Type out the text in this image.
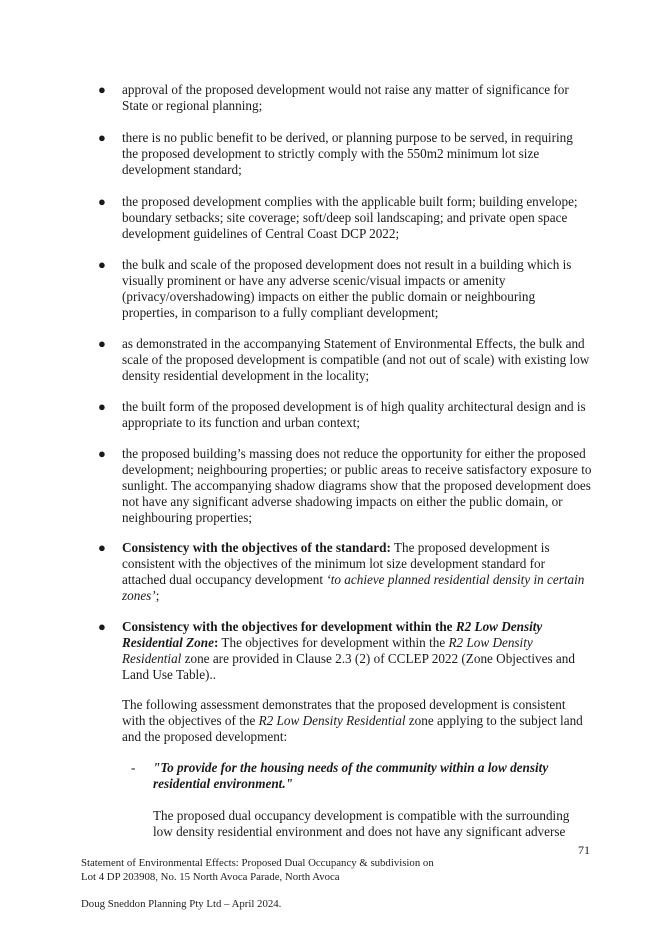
● approval of the proposed development would not raise any matter of significance for State or regional planning;
● there is no public benefit to be derived, or planning purpose to be served, in requiring the proposed development to strictly comply with the 550m2 minimum lot size development standard;
● the proposed development complies with the applicable built form; building envelope; boundary setbacks; site coverage; soft/deep soil landscaping; and private open space development guidelines of Central Coast DCP 2022;
● the bulk and scale of the proposed development does not result in a building which is visually prominent or have any adverse scenic/visual impacts or amenity (privacy/overshadowing) impacts on either the public domain or neighbouring properties, in comparison to a fully compliant development;
● as demonstrated in the accompanying Statement of Environmental Effects, the bulk and scale of the proposed development is compatible (and not out of scale) with existing low density residential development in the locality;
● the built form of the proposed development is of high quality architectural design and is appropriate to its function and urban context;
● the proposed building’s massing does not reduce the opportunity for either the proposed development; neighbouring properties; or public areas to receive satisfactory exposure to sunlight. The accompanying shadow diagrams show that the proposed development does not have any significant adverse shadowing impacts on either the public domain, or neighbouring properties;
● Consistency with the objectives of the standard: The proposed development is consistent with the objectives of the minimum lot size development standard for attached dual occupancy development ‘to achieve planned residential density in certain zones’;
● Consistency with the objectives for development within the R2 Low Density Residential Zone: The objectives for development within the R2 Low Density Residential zone are provided in Clause 2.3 (2) of CCLEP 2022 (Zone Objectives and Land Use Table)..
The following assessment demonstrates that the proposed development is consistent with the objectives of the R2 Low Density Residential zone applying to the subject land and the proposed development:
- "To provide for the housing needs of the community within a low density residential environment."
The proposed dual occupancy development is compatible with the surrounding low density residential environment and does not have any significant adverse
71
Statement of Environmental Effects: Proposed Dual Occupancy & subdivision on
Lot 4 DP 203908, No. 15 North Avoca Parade, North Avoca
Doug Sneddon Planning Pty Ltd – April 2024.
